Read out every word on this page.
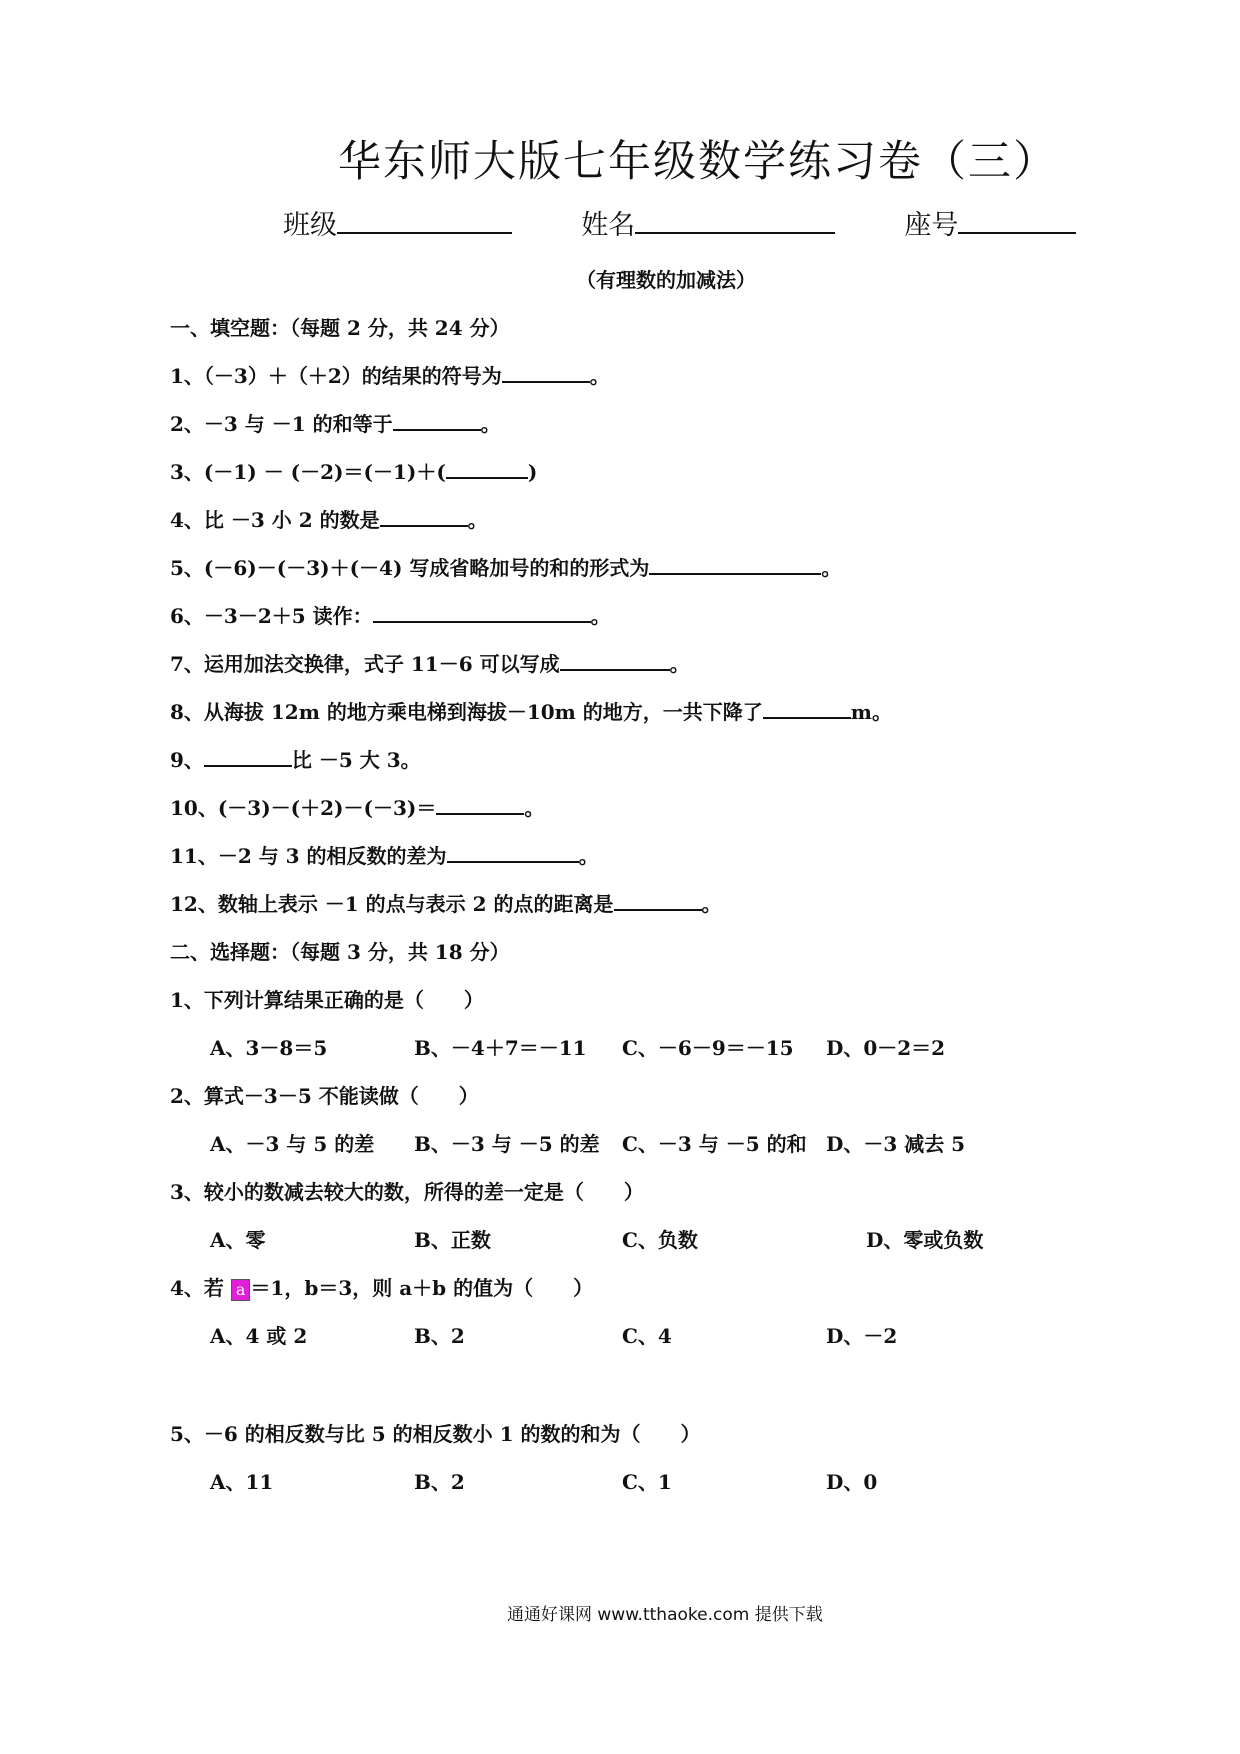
华东师大版七年级数学练习卷（三）
班级	姓名	座号
（有理数的加减法）
一、填空题：（每题 2 分，共 24 分）
1、（－3）＋（＋2）的结果的符号为	。
2、－3 与 －1 的和等于	。
3、(－1) － (－2)＝(－1)＋(	)
4、比 －3 小 2 的数是	。
5、(－6)－(－3)＋(－4) 写成省略加号的和的形式为	。
6、－3－2＋5 读作：	。
7、运用加法交换律，式子 11－6 可以写成	。
8、从海拔 12m 的地方乘电梯到海拔－10m 的地方，一共下降了	m。
9、	比 －5 大 3。
10、(－3)－(＋2)－(－3)＝	。
11、－2 与 3 的相反数的差为	。
12、数轴上表示 －1 的点与表示 2 的点的距离是	。
二、选择题：（每题 3 分，共 18 分）
1、下列计算结果正确的是（　　）
A、3－8＝5	B、－4＋7＝－11 C、－6－9＝－15 D、0－2＝2
2、算式－3－5 不能读做（　　）
A、－3 与 5 的差 B、－3 与 －5 的差 C、－3 与 －5 的和 D、－3 减去 5
3、较小的数减去较大的数，所得的差一定是（　　）
A、零	B、正数	C、负数	D、零或负数
4、若 a ＝1，b＝3，则 a＋b 的值为（　　）
A、4 或 2	B、2	C、4	D、－2
5、－6 的相反数与比 5 的相反数小 1 的数的和为（　　）
A、11	B、2	C、1	D、0
通通好课网 www.tthaoke.com 提供下载
